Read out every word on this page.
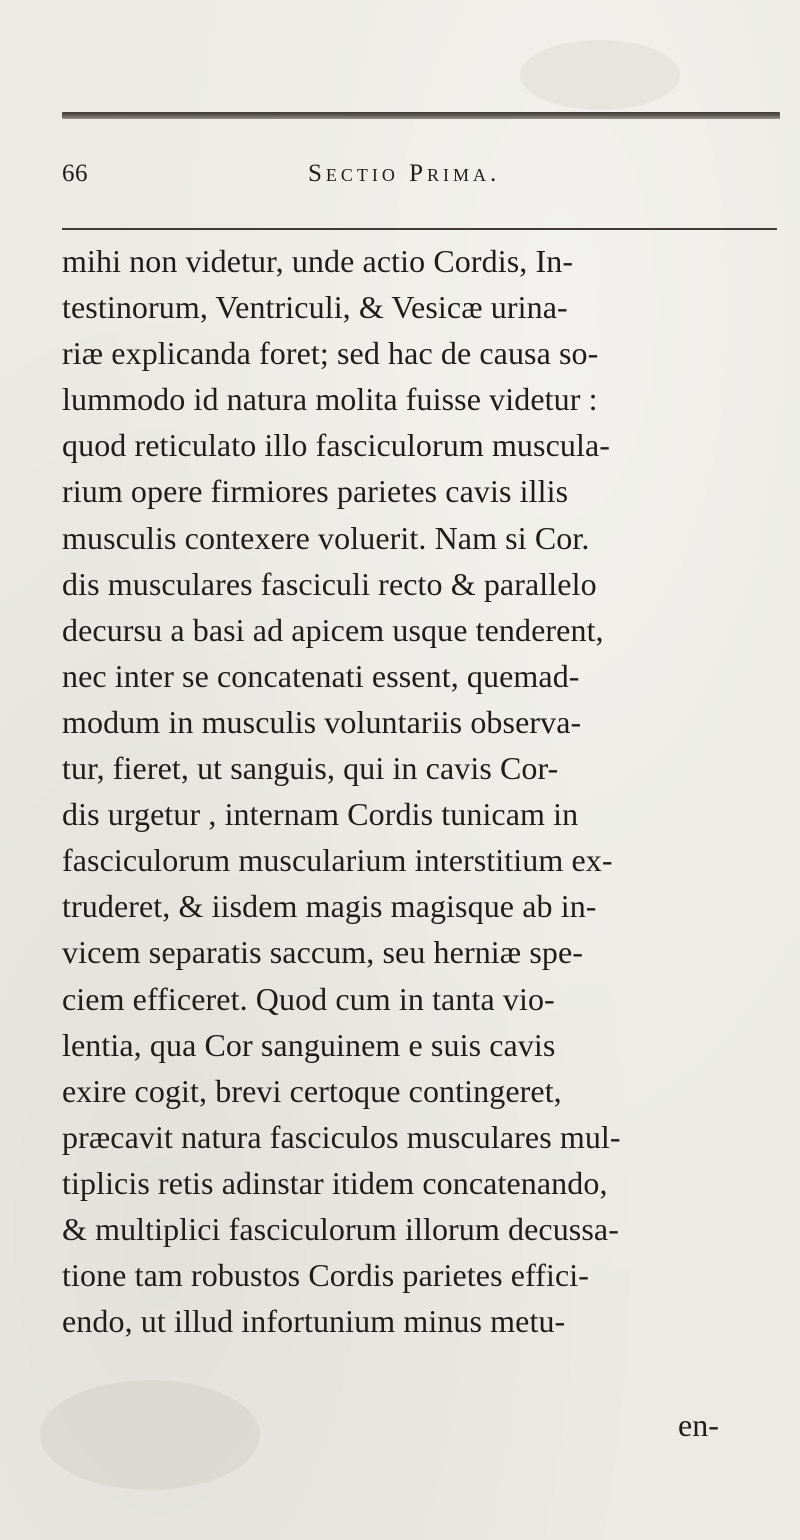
66	Sectio Prima.
mihi non videtur, unde actio Cordis, In-
testinorum, Ventriculi, & Vesicæ urina-
riæ explicanda foret; sed hac de causa so-
lummodo id natura molita fuisse videtur :
quod reticulato illo fasciculorum muscula-
rium opere firmiores parietes cavis illis
musculis contexere voluerit. Nam si Cor.
dis musculares fasciculi recto & parallelo
decursu a basi ad apicem usque tenderent,
nec inter se concatenati essent, quemad-
modum in musculis voluntariis observa-
tur, fieret, ut sanguis, qui in cavis Cor-
dis urgetur , internam Cordis tunicam in
fasciculorum muscularium interstitium ex-
truderet, & iisdem magis magisque ab in-
vicem separatis saccum, seu herniæ spe-
ciem efficeret. Quod cum in tanta vio-
lentia, qua Cor sanguinem e suis cavis
exire cogit, brevi certoque contingeret,
præcavit natura fasciculos musculares mul-
tiplicis retis adinstar itidem concatenando,
& multiplici fasciculorum illorum decussa-
tione tam robustos Cordis parietes effici-
endo, ut illud infortunium minus metu-
en-
